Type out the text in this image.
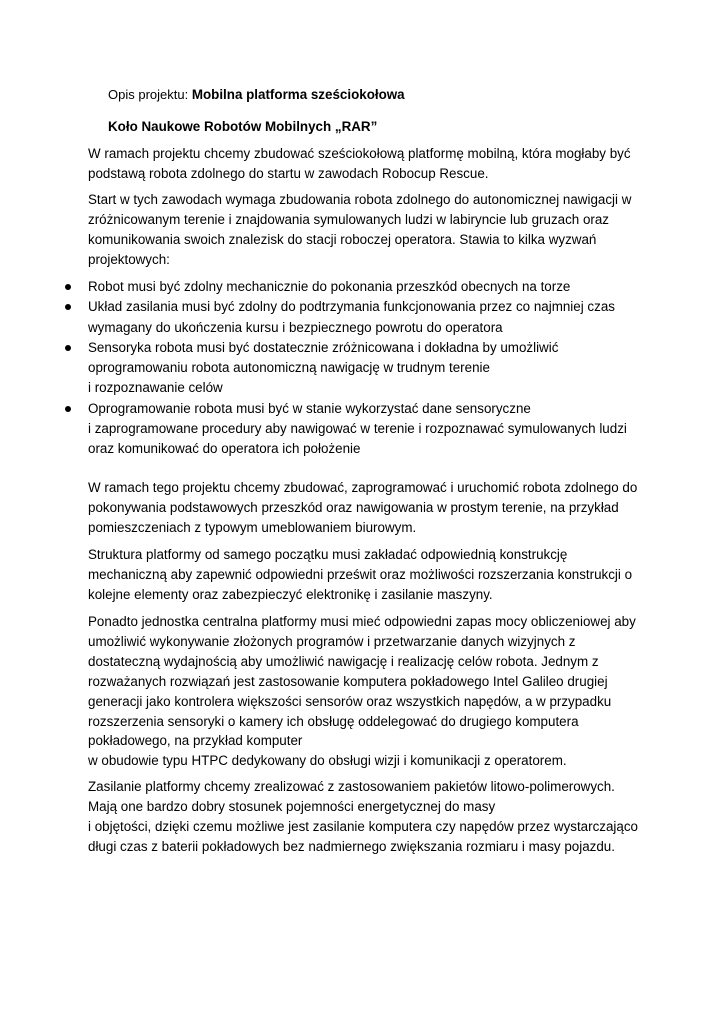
Opis projektu: Mobilna platforma sześciokołowa

Koło Naukowe Robotów Mobilnych „RAR”

W ramach projektu chcemy zbudować sześciokołową platformę mobilną, która mogłaby być
podstawą robota zdolnego do startu w zawodach Robocup Rescue.

Start w tych zawodach wymaga zbudowania robota zdolnego do autonomicznej nawigacji w
zróżnicowanym terenie i znajdowania symulowanych ludzi w labiryncie lub gruzach oraz
komunikowania swoich znalezisk do stacji roboczej operatora. Stawia to kilka wyzwań
projektowych:

Robot musi być zdolny mechanicznie do pokonania przeszkód obecnych na torze
Układ zasilania musi być zdolny do podtrzymania funkcjonowania przez co najmniej czas
wymagany do ukończenia kursu i bezpiecznego powrotu do operatora
Sensoryka robota musi być dostatecznie zróżnicowana i dokładna by umożliwić
oprogramowaniu robota autonomiczną nawigację w trudnym terenie
i rozpoznawanie celów
Oprogramowanie robota musi być w stanie wykorzystać dane sensoryczne
i zaprogramowane procedury aby nawigować w terenie i rozpoznawać symulowanych ludzi
oraz komunikować do operatora ich położenie

W ramach tego projektu chcemy zbudować, zaprogramować i uruchomić robota zdolnego do
pokonywania podstawowych przeszkód oraz nawigowania w prostym terenie, na przykład
pomieszczeniach z typowym umeblowaniem biurowym.

Struktura platformy od samego początku musi zakładać odpowiednią konstrukcję
mechaniczną aby zapewnić odpowiedni prześwit oraz możliwości rozszerzania konstrukcji o
kolejne elementy oraz zabezpieczyć elektronikę i zasilanie maszyny.

Ponadto jednostka centralna platformy musi mieć odpowiedni zapas mocy obliczeniowej aby
umożliwić wykonywanie złożonych programów i przetwarzanie danych wizyjnych z
dostateczną wydajnością aby umożliwić nawigację i realizację celów robota. Jednym z
rozważanych rozwiązań jest zastosowanie komputera pokładowego Intel Galileo drugiej
generacji jako kontrolera większości sensorów oraz wszystkich napędów, a w przypadku
rozszerzenia sensoryki o kamery ich obsługę oddelegować do drugiego komputera
pokładowego, na przykład komputer
w obudowie typu HTPC dedykowany do obsługi wizji i komunikacji z operatorem.

Zasilanie platformy chcemy zrealizować z zastosowaniem pakietów litowo-polimerowych.
Mają one bardzo dobry stosunek pojemności energetycznej do masy
i objętości, dzięki czemu możliwe jest zasilanie komputera czy napędów przez wystarczająco
długi czas z baterii pokładowych bez nadmiernego zwiększania rozmiaru i masy pojazdu.
